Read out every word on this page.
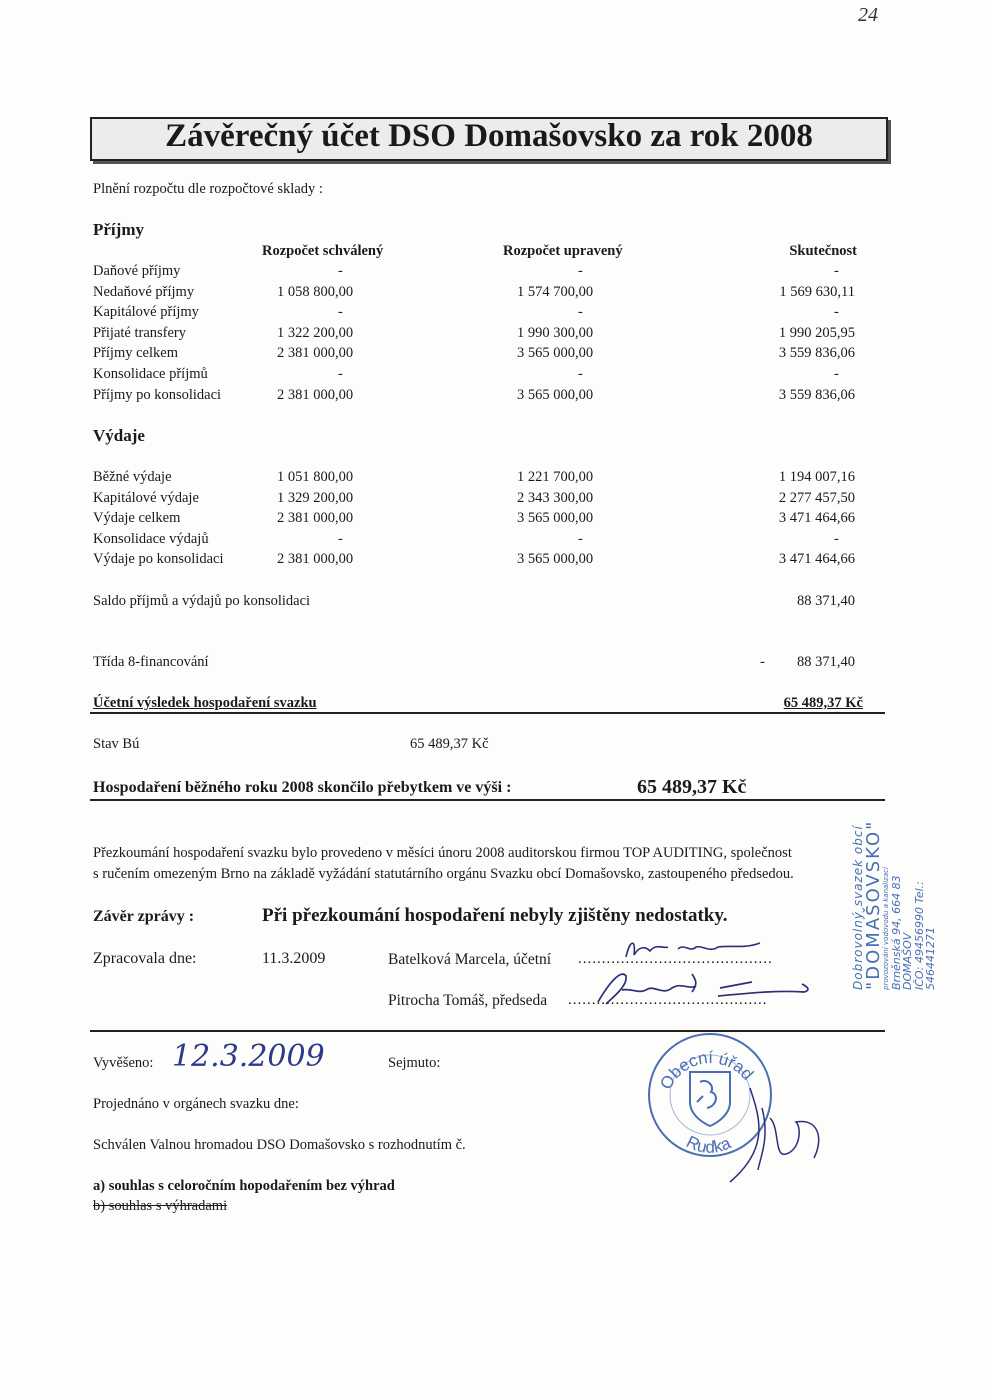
24
Závěrečný účet DSO Domašovsko za rok 2008
Plnění rozpočtu dle rozpočtové sklady :
Příjmy
Rozpočet schválený	Rozpočet upravený	Skutečnost
Daňové příjmy	-	-	-
Nedaňové příjmy	1 058 800,00	1 574 700,00	1 569 630,11
Kapitálové příjmy	-	-	-
Přijaté transfery	1 322 200,00	1 990 300,00	1 990 205,95
Příjmy celkem	2 381 000,00	3 565 000,00	3 559 836,06
Konsolidace příjmů	-	-	-
Příjmy po konsolidaci	2 381 000,00	3 565 000,00	3 559 836,06
Výdaje
Běžné výdaje	1 051 800,00	1 221 700,00	1 194 007,16
Kapitálové výdaje	1 329 200,00	2 343 300,00	2 277 457,50
Výdaje celkem	2 381 000,00	3 565 000,00	3 471 464,66
Konsolidace výdajů	-	-	-
Výdaje po konsolidaci	2 381 000,00	3 565 000,00	3 471 464,66
Saldo příjmů a výdajů po konsolidaci	88 371,40
Třída 8-financování	- 88 371,40
Účetní výsledek hospodaření svazku	65 489,37 Kč
Stav Bú	65 489,37 Kč
Hospodaření běžného roku 2008 skončilo přebytkem ve výši :	65 489,37 Kč
Přezkoumání hospodaření svazku bylo provedeno v měsíci únoru 2008 auditorskou firmou TOP AUDITING, společnost
s ručením omezeným Brno na základě vyžádání statutárního orgánu Svazku obcí Domašovsko, zastoupeného předsedou.
Závěr zprávy :	Při přezkoumání hospodaření nebyly zjištěny nedostatky.
Zpracovala dne:	11.3.2009	Batelková Marcela, účetní .........................................
Pitrocha Tomáš, předseda ..........................................
Vyvěšeno: 12.3.2009	Sejmuto:
Projednáno v orgánech svazku dne:
Schválen Valnou hromadou DSO Domašovsko s rozhodnutím č.
a) souhlas s celoročním hopodařením bez výhrad
b) souhlas s výhradami
Obecní úřad
Rudka
Dobrovolný svazek obcí
"DOMAŠOVSKO"
provozování vodovodu a kanalizací Brněnská 94, 664 83 DOMAŠOV
IČO: 49456990 Tel.: 546441271
